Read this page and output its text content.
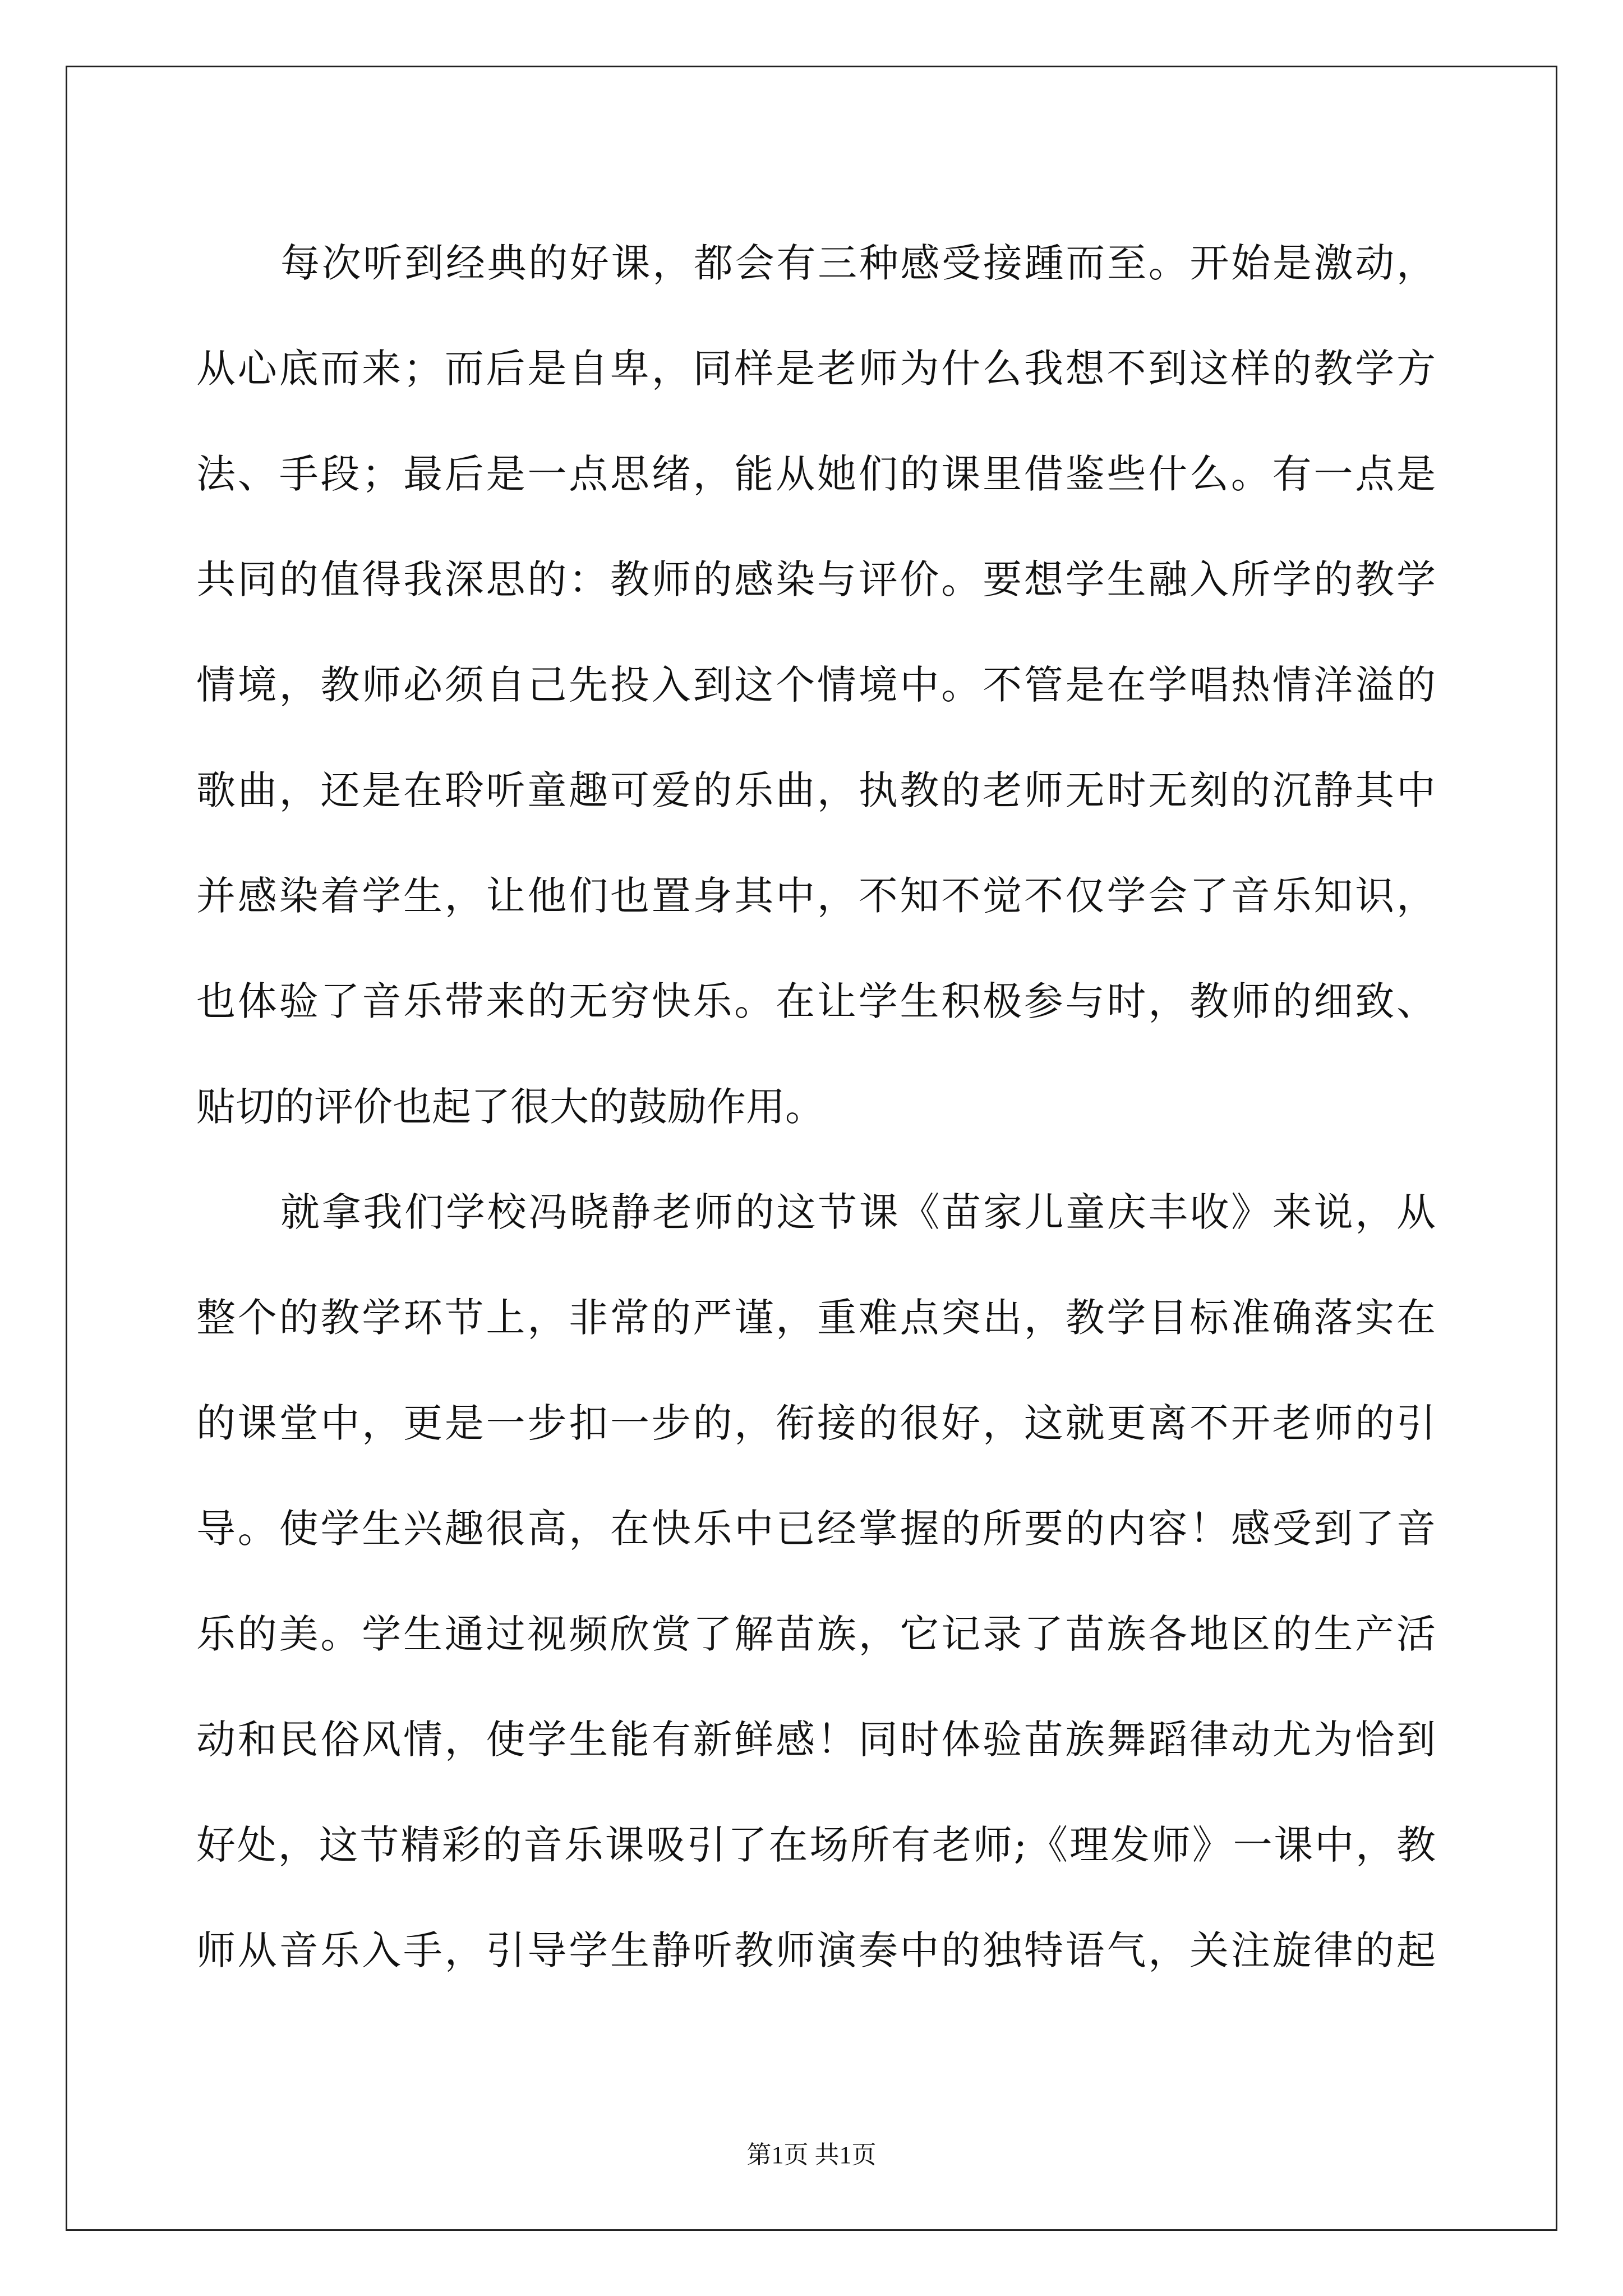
每次听到经典的好课，都会有三种感受接踵而至。开始是激动，
从心底而来；而后是自卑，同样是老师为什么我想不到这样的教学方
法、手段；最后是一点思绪，能从她们的课里借鉴些什么。有一点是
共同的值得我深思的：教师的感染与评价。要想学生融入所学的教学
情境，教师必须自己先投入到这个情境中。不管是在学唱热情洋溢的
歌曲，还是在聆听童趣可爱的乐曲，执教的老师无时无刻的沉静其中
并感染着学生，让他们也置身其中，不知不觉不仅学会了音乐知识，
也体验了音乐带来的无穷快乐。在让学生积极参与时，教师的细致、
贴切的评价也起了很大的鼓励作用。
就拿我们学校冯晓静老师的这节课《苗家儿童庆丰收》来说，从
整个的教学环节上，非常的严谨，重难点突出，教学目标准确落实在
的课堂中，更是一步扣一步的，衔接的很好，这就更离不开老师的引
导。使学生兴趣很高，在快乐中已经掌握的所要的内容！感受到了音
乐的美。学生通过视频欣赏了解苗族，它记录了苗族各地区的生产活
动和民俗风情，使学生能有新鲜感！同时体验苗族舞蹈律动尤为恰到
好处，这节精彩的音乐课吸引了在场所有老师;《理发师》一课中，教
师从音乐入手，引导学生静听教师演奏中的独特语气，关注旋律的起
第1页 共1页
